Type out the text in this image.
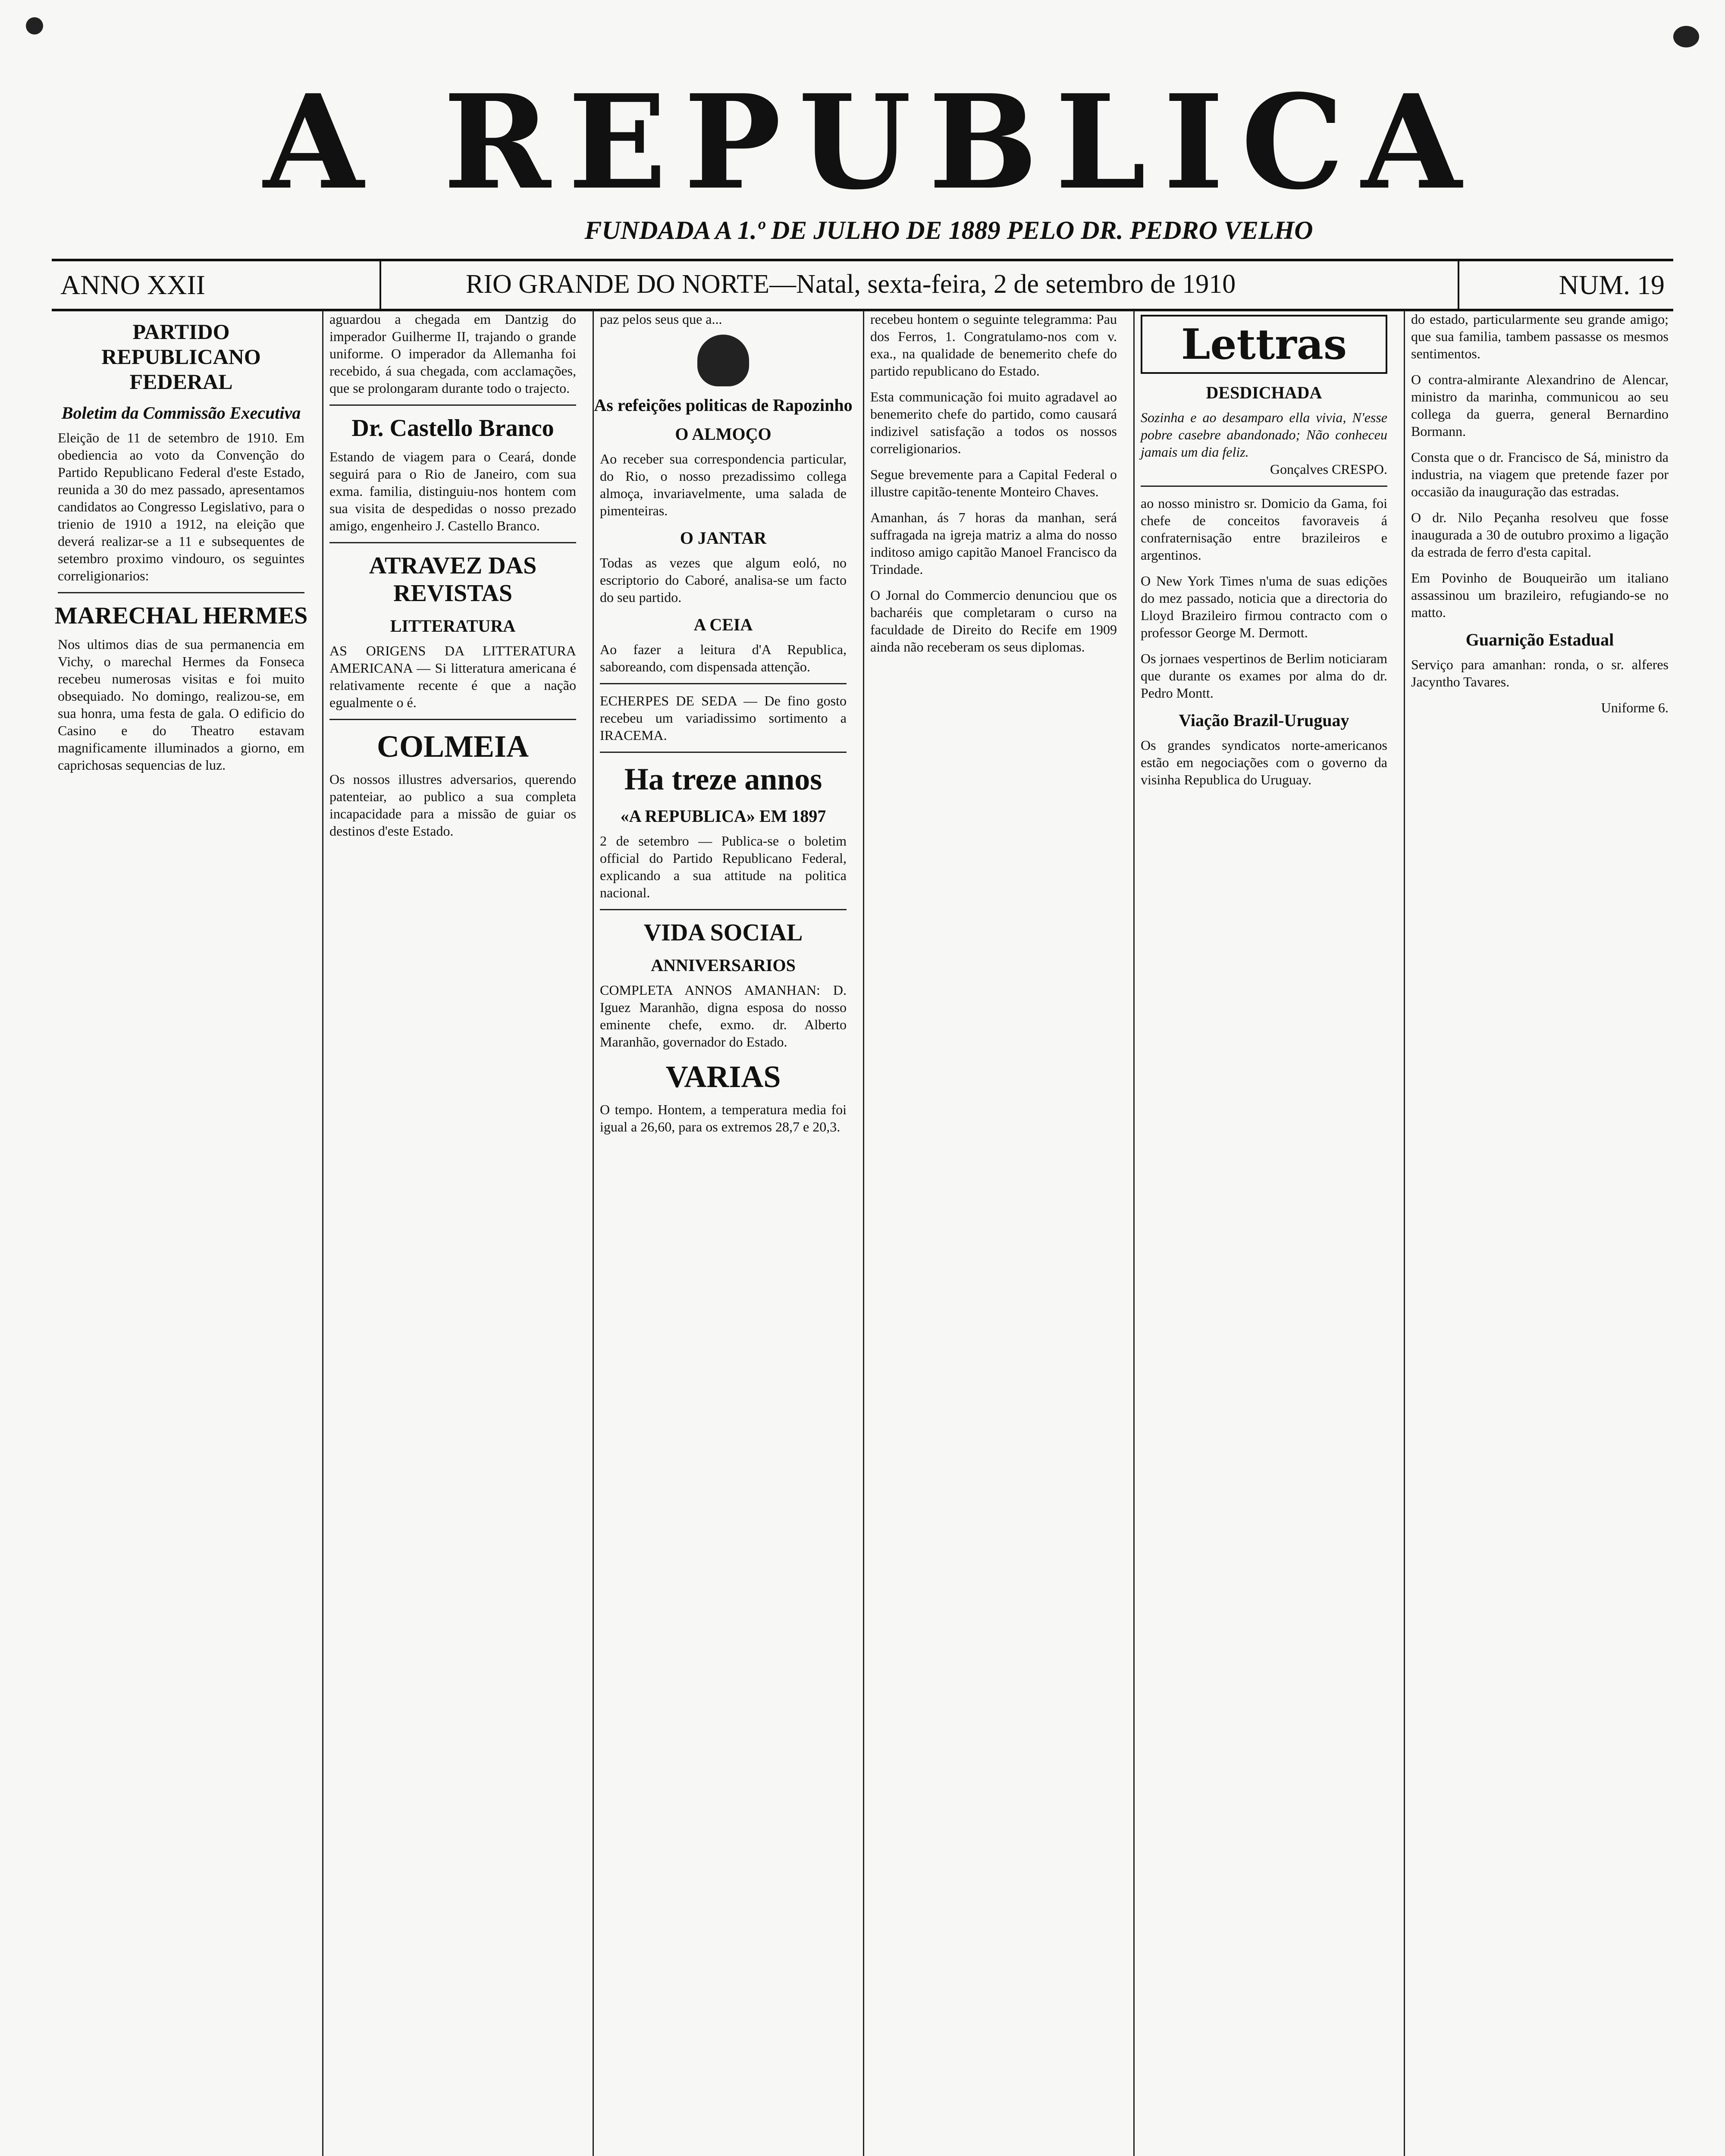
A REPUBLICA
FUNDADA A 1.º DE JULHO DE 1889 PELO DR. PEDRO VELHO
ANNO XXII	RIO GRANDE DO NORTE—Natal, sexta-feira, 2 de setembro de 1910	NUM. 19
PARTIDO REPUBLICANO FEDERAL
Boletim da Commissão Executiva
Eleição de 11 de setembro de 1910. Em obediencia ao voto da Convenção do Partido Republicano Federal d'este Estado, reunida a 30 do mez passado, apresentamos candidatos ao Congresso Legislativo, para o trienio de 1910 a 1912, na eleição que deverá realizar-se a 11 e subsequentes de setembro proximo vindouro, os seguintes correligionarios:
MARECHAL HERMES
Nos ultimos dias de sua permanencia em Vichy, o marechal Hermes da Fonseca recebeu numerosas visitas e foi muito obsequiado. No domingo, realizou-se, em sua honra, uma festa de gala. O edificio do Casino e do Theatro estavam magnificamente illuminados a giorno, em caprichosas sequencias de luz.
aguardou a chegada em Dantzig do imperador Guilherme II, trajando o grande uniforme. O imperador da Allemanha foi recebido, á sua chegada, com acclamações, que se prolongaram durante todo o trajecto.
Dr. Castello Branco
Estando de viagem para o Ceará, donde seguirá para o Rio de Janeiro, com sua exma. familia, distinguiu-nos hontem com sua visita de despedidas o nosso prezado amigo, engenheiro J. Castello Branco.
ATRAVEZ DAS REVISTAS
LITTERATURA
AS ORIGENS DA LITTERATURA AMERICANA — Si litteratura americana é relativamente recente é que a nação egualmente o é.
COLMEIA
Os nossos illustres adversarios, querendo patenteiar, ao publico a sua completa incapacidade para a missão de guiar os destinos d'este Estado.
paz pelos seus que a...
As refeições politicas de Rapozinho
O ALMOÇO
Ao receber sua correspondencia particular, do Rio, o nosso prezadissimo collega almoça, invariavelmente, uma salada de pimenteiras.
O JANTAR
Todas as vezes que algum eoló, no escriptorio do Caboré, analisa-se um facto do seu partido.
A CEIA
Ao fazer a leitura d'A Republica, saboreando, com dispensada attenção.
ECHERPES DE SEDA — De fino gosto recebeu um variadissimo sortimento a IRACEMA.
Ha treze annos
«A REPUBLICA» EM 1897
2 de setembro — Publica-se o boletim official do Partido Republicano Federal, explicando a sua attitude na politica nacional.
VIDA SOCIAL
ANNIVERSARIOS
COMPLETA ANNOS AMANHAN: D. Iguez Maranhão, digna esposa do nosso eminente chefe, exmo. dr. Alberto Maranhão, governador do Estado.
VARIAS
O tempo. Hontem, a temperatura media foi igual a 26,60, para os extremos 28,7 e 20,3.
recebeu hontem o seguinte telegramma: Pau dos Ferros, 1. Congratulamo-nos com v. exa., na qualidade de benemerito chefe do partido republicano do Estado.
Esta communicação foi muito agradavel ao benemerito chefe do partido, como causará indizivel satisfação a todos os nossos correligionarios.
Segue brevemente para a Capital Federal o illustre capitão-tenente Monteiro Chaves.
Amanhan, ás 7 horas da manhan, será suffragada na igreja matriz a alma do nosso inditoso amigo capitão Manoel Francisco da Trindade.
O Jornal do Commercio denunciou que os bacharéis que completaram o curso na faculdade de Direito do Recife em 1909 ainda não receberam os seus diplomas.
Lettras
DESDICHADA
Sozinha e ao desamparo ella vivia, N'esse pobre casebre abandonado; Não conheceu jamais um dia feliz.
Gonçalves CRESPO.
ao nosso ministro sr. Domicio da Gama, foi chefe de conceitos favoraveis á confraternisação entre brazileiros e argentinos.
O New York Times n'uma de suas edições do mez passado, noticia que a directoria do Lloyd Brazileiro firmou contracto com o professor George M. Dermott.
Os jornaes vespertinos de Berlim noticiaram que durante os exames por alma do dr. Pedro Montt.
Viação Brazil-Uruguay
Os grandes syndicatos norte-americanos estão em negociações com o governo da visinha Republica do Uruguay.
do estado, particularmente seu grande amigo; que sua familia, tambem passasse os mesmos sentimentos.
O contra-almirante Alexandrino de Alencar, ministro da marinha, communicou ao seu collega da guerra, general Bernardino Bormann.
Consta que o dr. Francisco de Sá, ministro da industria, na viagem que pretende fazer por occasião da inauguração das estradas.
O dr. Nilo Peçanha resolveu que fosse inaugurada a 30 de outubro proximo a ligação da estrada de ferro d'esta capital.
Em Povinho de Bouqueirão um italiano assassinou um brazileiro, refugiando-se no matto.
Guarnição Estadual
Serviço para amanhan: ronda, o sr. alferes Jacyntho Tavares.
Uniforme 6.
